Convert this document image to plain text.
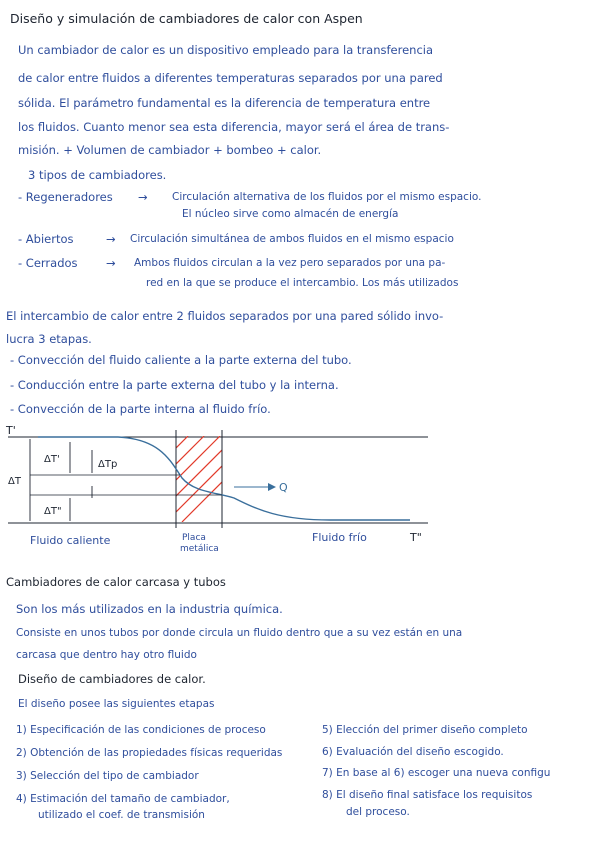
Diseño y simulación de cambiadores de calor con Aspen
Un cambiador de calor es un dispositivo empleado para la transferencia
de calor entre fluidos a diferentes temperaturas separados por una pared
sólida. El parámetro fundamental es la diferencia de temperatura entre
los fluidos. Cuanto menor sea esta diferencia, mayor será el área de trans-
misión. + Volumen de cambiador + bombeo + calor.
3 tipos de cambiadores.
- Regeneradores → Circulación alternativa de los fluidos por el mismo espacio.
El núcleo sirve como almacén de energía
- Abiertos	→ Circulación simultánea de ambos fluidos en el mismo espacio
- Cerrados → Ambos fluidos circulan a la vez pero separados por una pa-
red en la que se produce el intercambio. Los más utilizados
El intercambio de calor entre 2 fluidos separados por una pared sólido invo-
lucra 3 etapas.
- Convección del fluido caliente a la parte externa del tubo.
- Conducción entre la parte externa del tubo y la interna.
- Convección de la parte interna al fluido frío.
T'
ΔT
ΔT'
ΔT"
ΔTp
Q
Fluido caliente	Placa
metálica
Fluido frío	T"
Cambiadores de calor carcasa y tubos
Son los más utilizados en la industria química.
Consiste en unos tubos por donde circula un fluido dentro que a su vez están en una
carcasa que dentro hay otro fluido
Diseño de cambiadores de calor.
El diseño posee las siguientes etapas
1) Especificación de las condiciones de proceso
2) Obtención de las propiedades físicas requeridas
3) Selección del tipo de cambiador
4) Estimación del tamaño de cambiador,
utilizado el coef. de transmisión
5) Elección del primer diseño completo
6) Evaluación del diseño escogido.
7) En base al 6) escoger una nueva configu
8) El diseño final satisface los requisitos
del proceso.
